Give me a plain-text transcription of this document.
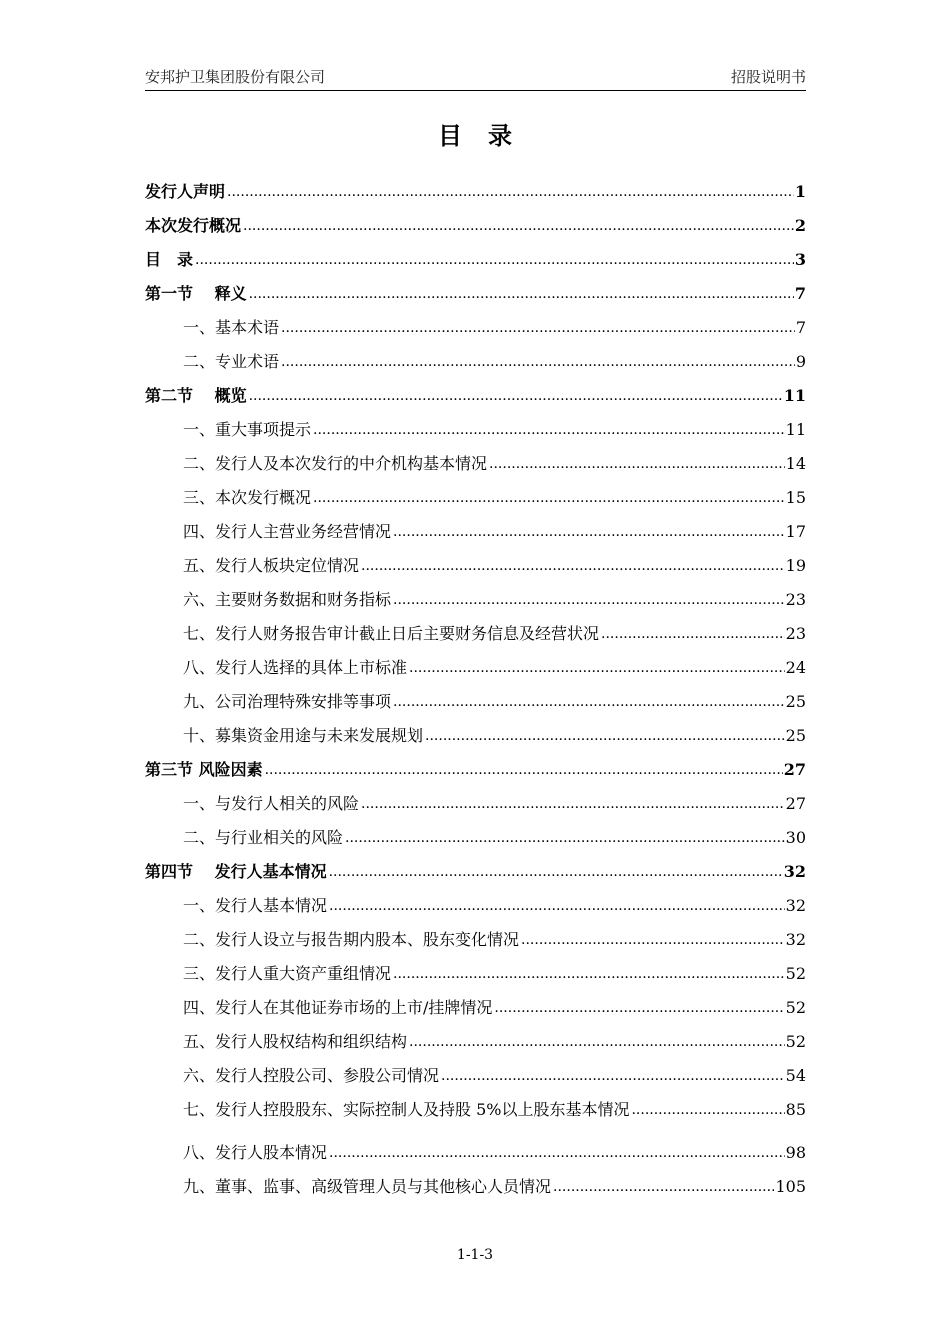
安邦护卫集团股份有限公司	招股说明书
目录
发行人声明 .....	1
本次发行概况 .....	2
目　录 .....	3
第一节　 释义 .....	7
一、基本术语 .....	7
二、专业术语 .....	9
第二节　 概览 .....	11
一、重大事项提示 .....	11
二、发行人及本次发行的中介机构基本情况 .....	14
三、本次发行概况 .....	15
四、发行人主营业务经营情况 .....	17
五、发行人板块定位情况 .....	19
六、主要财务数据和财务指标 .....	23
七、发行人财务报告审计截止日后主要财务信息及经营状况 .....	23
八、发行人选择的具体上市标准 .....	24
九、公司治理特殊安排等事项 .....	25
十、募集资金用途与未来发展规划 .....	25
第三节 风险因素 .....	27
一、与发行人相关的风险 .....	27
二、与行业相关的风险 .....	30
第四节　 发行人基本情况 .....	32
一、发行人基本情况 .....	32
二、发行人设立与报告期内股本、股东变化情况 .....	32
三、发行人重大资产重组情况 .....	52
四、发行人在其他证券市场的上市/挂牌情况 .....	52
五、发行人股权结构和组织结构 .....	52
六、发行人控股公司、参股公司情况 .....	54
七、发行人控股股东、实际控制人及持股 5%以上股东基本情况 .....	85
八、发行人股本情况 .....	98
九、董事、监事、高级管理人员与其他核心人员情况 .....	105
1-1-3
